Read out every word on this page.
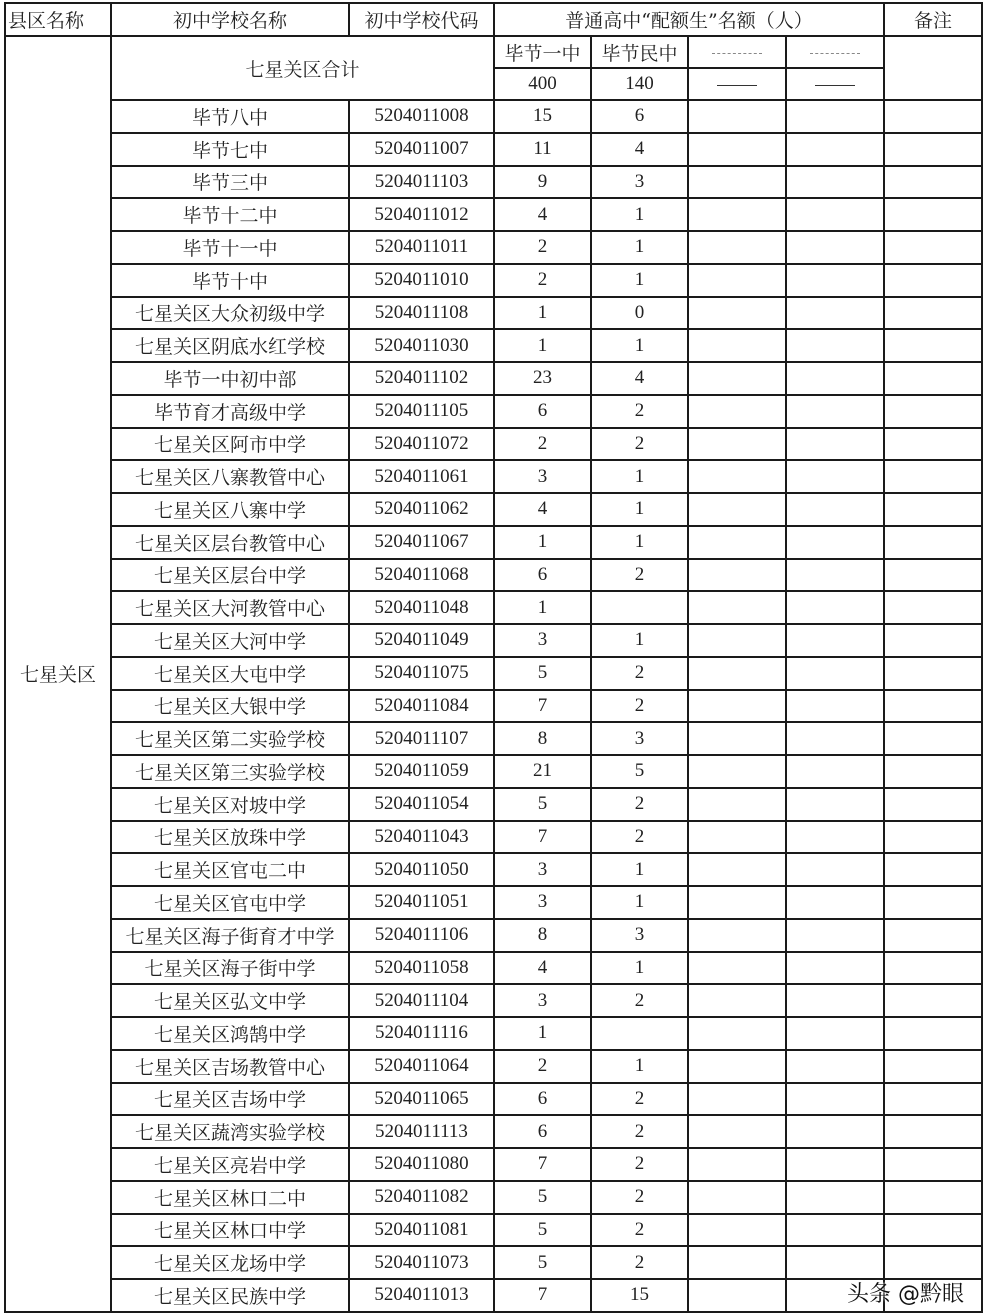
县区名称	初中学校名称	初中学校代码	普通高中“配额生”名额（人）				备注
七星关区	七星关区合计		毕节一中	毕节民中			
			400	140			
	毕节八中	5204011008	15	6			
	毕节七中	5204011007	11	4			
	毕节三中	5204011103	9	3			
	毕节十二中	5204011012	4	1			
	毕节十一中	5204011011	2	1			
	毕节十中	5204011010	2	1			
	七星关区大众初级中学	5204011108	1	0			
	七星关区阴底水红学校	5204011030	1	1			
	毕节一中初中部	5204011102	23	4			
	毕节育才高级中学	5204011105	6	2			
	七星关区阿市中学	5204011072	2	2			
	七星关区八寨教管中心	5204011061	3	1			
	七星关区八寨中学	5204011062	4	1			
	七星关区层台教管中心	5204011067	1	1			
	七星关区层台中学	5204011068	6	2			
	七星关区大河教管中心	5204011048	1				
	七星关区大河中学	5204011049	3	1			
	七星关区大屯中学	5204011075	5	2			
	七星关区大银中学	5204011084	7	2			
	七星关区第二实验学校	5204011107	8	3			
	七星关区第三实验学校	5204011059	21	5			
	七星关区对坡中学	5204011054	5	2			
	七星关区放珠中学	5204011043	7	2			
	七星关区官屯二中	5204011050	3	1			
	七星关区官屯中学	5204011051	3	1			
	七星关区海子街育才中学	5204011106	8	3			
	七星关区海子街中学	5204011058	4	1			
	七星关区弘文中学	5204011104	3	2			
	七星关区鸿鹄中学	5204011116	1				
	七星关区吉场教管中心	5204011064	2	1			
	七星关区吉场中学	5204011065	6	2			
	七星关区蔬湾实验学校	5204011113	6	2			
	七星关区亮岩中学	5204011080	7	2			
	七星关区林口二中	5204011082	5	2			
	七星关区林口中学	5204011081	5	2			
	七星关区龙场中学	5204011073	5	2			
	七星关区民族中学	5204011013	7	15				头条 @黔眼
